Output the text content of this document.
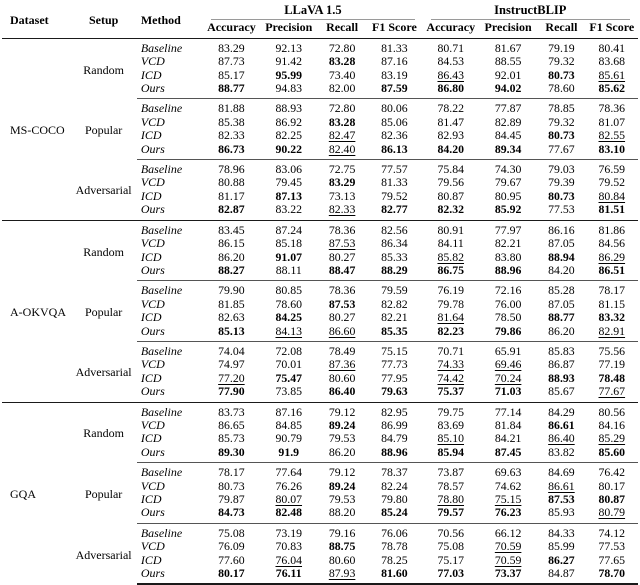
Dataset	Setup	Method	LLaVA 1.5				InstructBLIP			

			Accuracy	Precision	Recall	F1 Score	Accuracy	Precision	Recall	F1 Score
MS-COCO	Random	Baseline	83.29	92.13	72.80	81.33	80.71	81.67	79.19	80.41
		VCD	87.73	91.42	83.28	87.16	84.53	88.55	79.32	83.68
		ICD	85.17	95.99	73.40	83.19	86.43	92.01	80.73	85.61
		Ours	88.77	94.83	82.00	87.59	86.80	94.02	78.60	85.62
	Popular	Baseline	81.88	88.93	72.80	80.06	78.22	77.87	78.85	78.36
		VCD	85.38	86.92	83.28	85.06	81.47	82.89	79.32	81.07
		ICD	82.33	82.25	82.47	82.36	82.93	84.45	80.73	82.55
		Ours	86.73	90.22	82.40	86.13	84.20	89.34	77.67	83.10
	Adversarial	Baseline	78.96	83.06	72.75	77.57	75.84	74.30	79.03	76.59
		VCD	80.88	79.45	83.29	81.33	79.56	79.67	79.39	79.52
		ICD	81.17	87.13	73.13	79.52	80.87	80.95	80.73	80.84
		Ours	82.87	83.22	82.33	82.77	82.32	85.92	77.53	81.51
A-OKVQA	Random	Baseline	83.45	87.24	78.36	82.56	80.91	77.97	86.16	81.86
		VCD	86.15	85.18	87.53	86.34	84.11	82.21	87.05	84.56
		ICD	86.20	91.07	80.27	85.33	85.82	83.80	88.94	86.29
		Ours	88.27	88.11	88.47	88.29	86.75	88.96	84.20	86.51
	Popular	Baseline	79.90	80.85	78.36	79.59	76.19	72.16	85.28	78.17
		VCD	81.85	78.60	87.53	82.82	79.78	76.00	87.05	81.15
		ICD	82.63	84.25	80.27	82.21	81.64	78.50	88.77	83.32
		Ours	85.13	84.13	86.60	85.35	82.23	79.86	86.20	82.91
	Adversarial	Baseline	74.04	72.08	78.49	75.15	70.71	65.91	85.83	75.56
		VCD	74.97	70.01	87.36	77.73	74.33	69.46	86.87	77.19
		ICD	77.20	75.47	80.60	77.95	74.42	70.24	88.93	78.48
		Ours	77.90	73.85	86.40	79.63	75.37	71.03	85.67	77.67
GQA	Random	Baseline	83.73	87.16	79.12	82.95	79.75	77.14	84.29	80.56
		VCD	86.65	84.85	89.24	86.99	83.69	81.84	86.61	84.16
		ICD	85.73	90.79	79.53	84.79	85.10	84.21	86.40	85.29
		Ours	89.30	91.9	86.20	88.96	85.94	87.45	83.82	85.60
	Popular	Baseline	78.17	77.64	79.12	78.37	73.87	69.63	84.69	76.42
		VCD	80.73	76.26	89.24	82.24	78.57	74.62	86.61	80.17
		ICD	79.87	80.07	79.53	79.80	78.80	75.15	87.53	80.87
		Ours	84.73	82.48	88.20	85.24	79.57	76.23	85.93	80.79
	Adversarial	Baseline	75.08	73.19	79.16	76.06	70.56	66.12	84.33	74.12
		VCD	76.09	70.83	88.75	78.78	75.08	70.59	85.99	77.53
		ICD	77.60	76.04	80.60	78.25	75.17	70.59	86.27	77.65
		Ours	80.17	76.11	87.93	81.60	77.03	73.37	84.87	78.70
